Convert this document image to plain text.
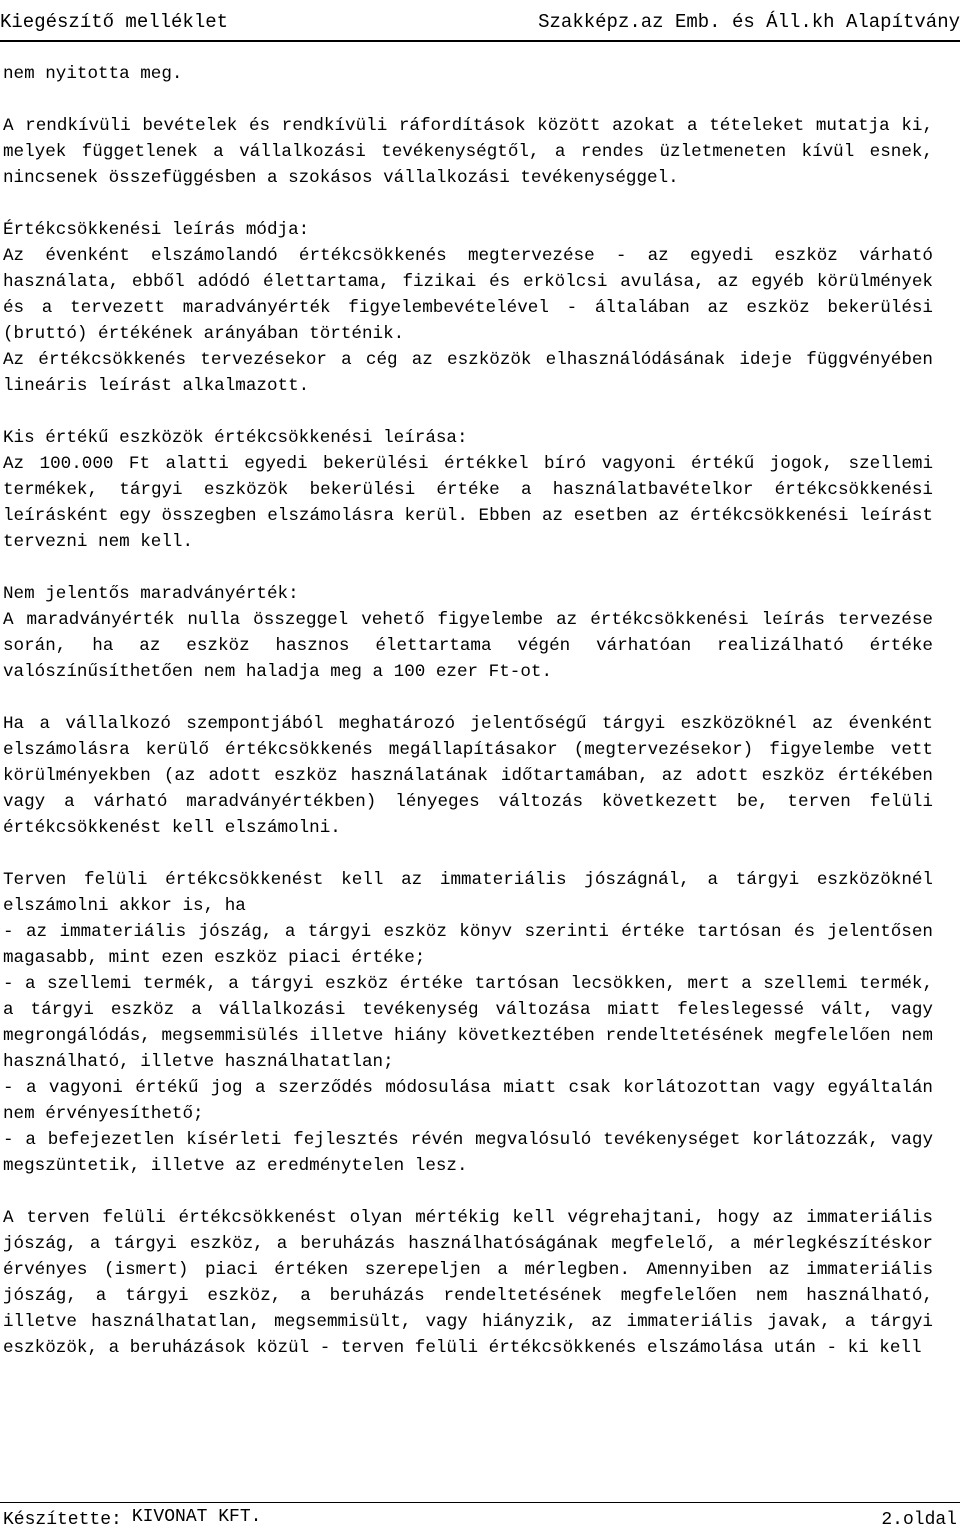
Kiegészítő melléklet	Szakképz.az Emb. és Áll.kh Alapítvány

nem nyitotta meg.

A rendkívüli bevételek és rendkívüli ráfordítások között azokat a tételeket mutatja ki, melyek függetlenek a vállalkozási tevékenységtől, a rendes üzletmeneten kívül esnek, nincsenek összefüggésben a szokásos vállalkozási tevékenységgel.

Értékcsökkenési leírás módja:

Az évenként elszámolandó értékcsökkenés megtervezése - az egyedi eszköz várható használata, ebből adódó élettartama, fizikai és erkölcsi avulása, az egyéb körülmények és a tervezett maradványérték figyelembevételével - általában az eszköz bekerülési (bruttó) értékének arányában történik.

Az értékcsökkenés tervezésekor a cég az eszközök elhasználódásának ideje függvényében lineáris leírást alkalmazott.

Kis értékű eszközök értékcsökkenési leírása:

Az 100.000 Ft alatti egyedi bekerülési értékkel bíró vagyoni értékű jogok, szellemi termékek, tárgyi eszközök bekerülési értéke a használatbavételkor értékcsökkenési leírásként egy összegben elszámolásra kerül. Ebben az esetben az értékcsökkenési leírást tervezni nem kell.

Nem jelentős maradványérték:

A maradványérték nulla összeggel vehető figyelembe az értékcsökkenési leírás tervezése során, ha az eszköz hasznos élettartama végén várhatóan realizálható értéke valószínűsíthetően nem haladja meg a 100 ezer Ft-ot.

Ha a vállalkozó szempontjából meghatározó jelentőségű tárgyi eszközöknél az évenként elszámolásra kerülő értékcsökkenés megállapításakor (megtervezésekor) figyelembe vett körülményekben (az adott eszköz használatának időtartamában, az adott eszköz értékében vagy a várható maradványértékben) lényeges változás következett be, terven felüli értékcsökkenést kell elszámolni.

Terven felüli értékcsökkenést kell az immateriális jószágnál, a tárgyi eszközöknél elszámolni akkor is, ha

- az immateriális jószág, a tárgyi eszköz könyv szerinti értéke tartósan és jelentősen magasabb, mint ezen eszköz piaci értéke;

- a szellemi termék, a tárgyi eszköz értéke tartósan lecsökken, mert a szellemi termék, a tárgyi eszköz a vállalkozási tevékenység változása miatt feleslegessé vált, vagy megrongálódás, megsemmisülés illetve hiány következtében rendeltetésének megfelelően nem használható, illetve használhatatlan;

- a vagyoni értékű jog a szerződés módosulása miatt csak korlátozottan vagy egyáltalán nem érvényesíthető;

- a befejezetlen kísérleti fejlesztés révén megvalósuló tevékenységet korlátozzák, vagy megszüntetik, illetve az eredménytelen lesz.

A terven felüli értékcsökkenést olyan mértékig kell végrehajtani, hogy az immateriális jószág, a tárgyi eszköz, a beruházás használhatóságának megfelelő, a mérlegkészítéskor érvényes (ismert) piaci értéken szerepeljen a mérlegben. Amennyiben az immateriális jószág, a tárgyi eszköz, a beruházás rendeltetésének megfelelően nem használható, illetve használhatatlan, megsemmisült, vagy hiányzik, az immateriális javak, a tárgyi eszközök, a beruházások közül - terven felüli értékcsökkenés elszámolása után - ki kell

Készítette: KIVONAT KFT.	2.oldal
